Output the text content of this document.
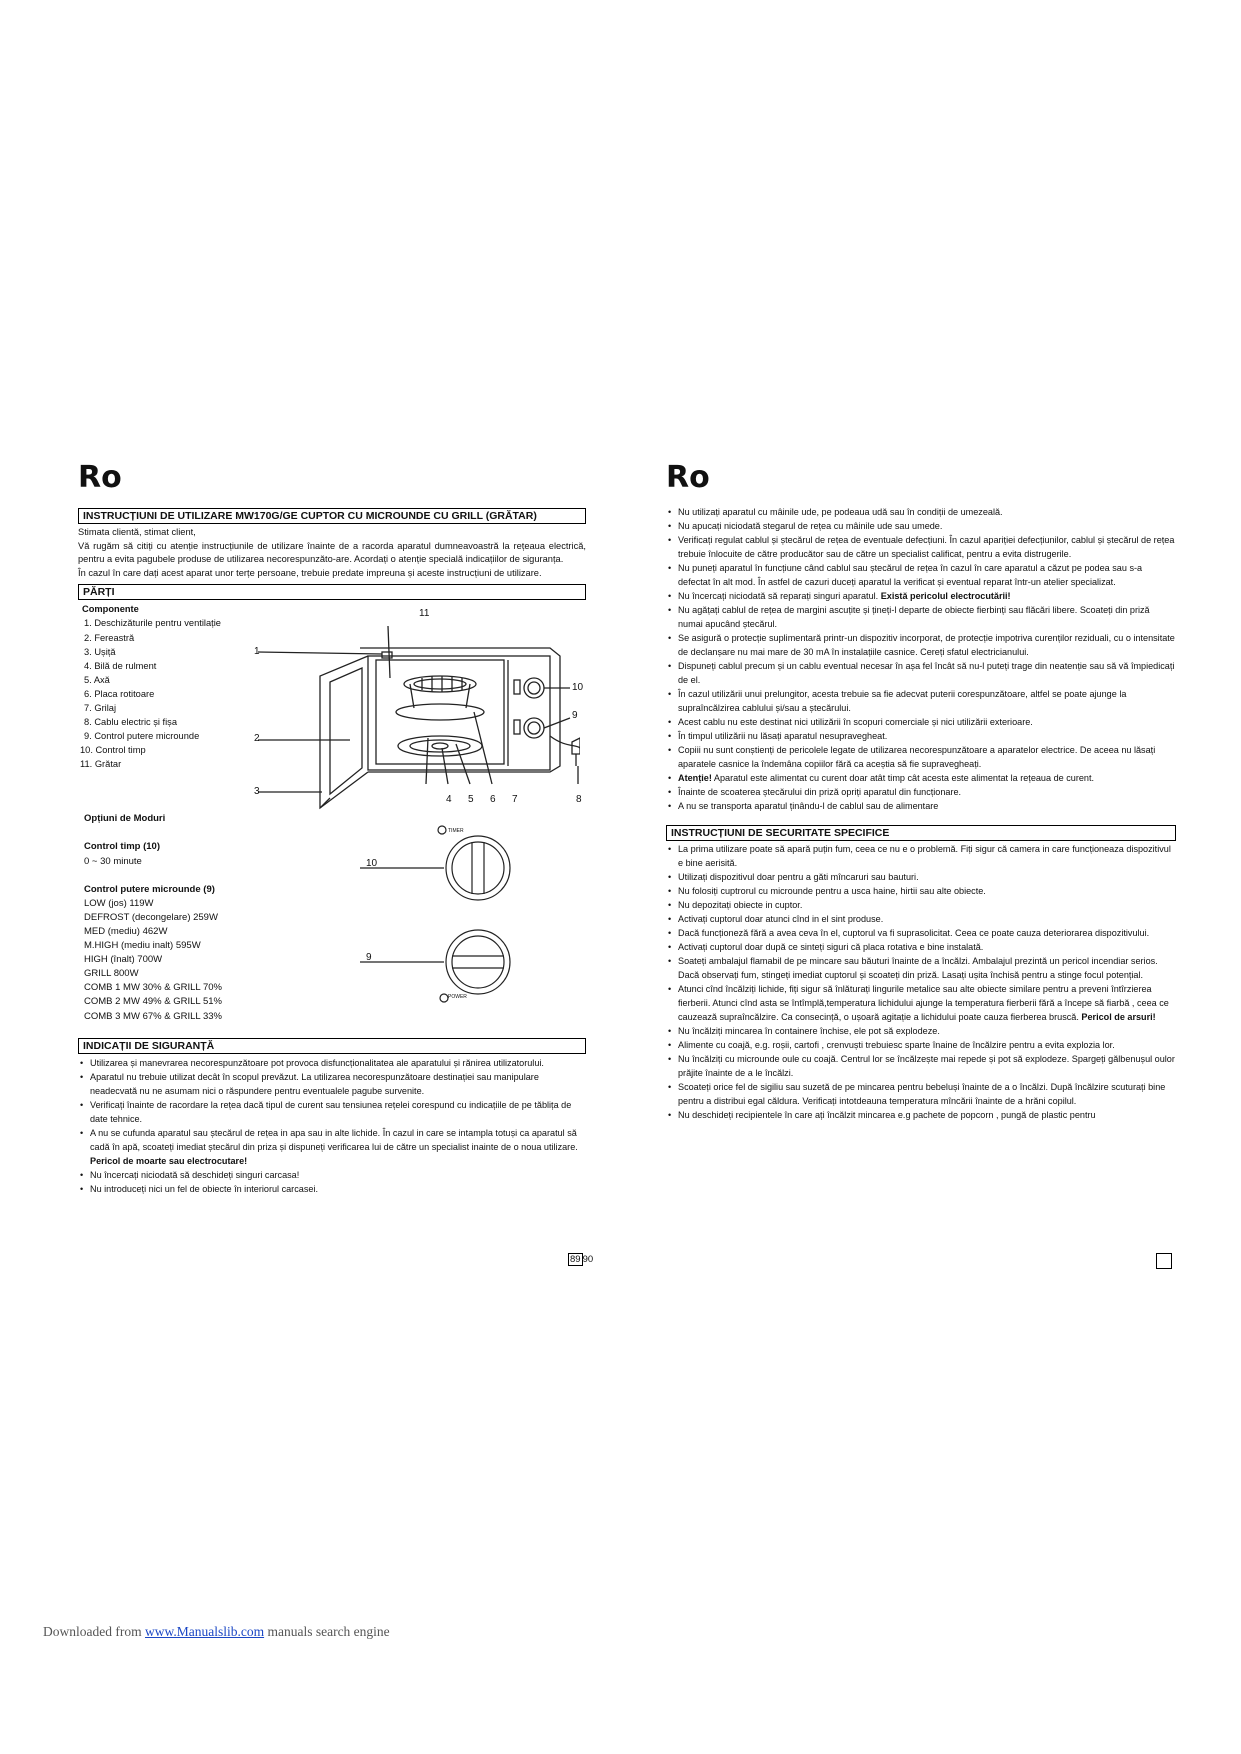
Ro	Ro
INSTRUCȚIUNI DE UTILIZARE MW170G/GE CUPTOR CU MICROUNDE CU GRILL (GRĂTAR)

Stimata clientă, stimat client,

Vă rugăm să citiți cu atenție instrucțiunile de utilizare înainte de a racorda aparatul dumneavoastră la rețeaua electrică, pentru a evita pagubele produse de utilizarea necorespunzăto-are. Acordați o atenție specială indicațiilor de siguranța.

În cazul în care dați acest aparat unor terțe persoane, trebuie predate impreuna și aceste instrucțiuni de utilizare.

PĂRȚI
Componente
1. Deschizăturile pentru ventilație
2. Fereastră
3. Ușiță
4. Bilă de rulment
5. Axă
6. Placa rotitoare
7. Grilaj
8. Cablu electric și fișa
9. Control putere microunde
10. Control timp
11. Grătar
11
1
2
3
4 5 6 7	8
9
10
Opțiuni de Moduri
Control timp (10)
0 ~ 30 minute
Control putere microunde (9)
LOW (jos) 119W
DEFROST (decongelare) 259W
MED (mediu) 462W
M.HIGH (mediu inalt) 595W
HIGH (înalt) 700W
GRILL 800W
COMB 1 MW 30% & GRILL 70%
COMB 2 MW 49% & GRILL 51%
COMB 3 MW 67% & GRILL 33%
10
TIMER
9
POWER
INDICAȚII DE SIGURANȚĂ
• Utilizarea și manevrarea necorespunzătoare pot provoca disfuncționalitatea ale aparatului și rănirea utilizatorului.
• Aparatul nu trebuie utilizat decât în scopul prevăzut. La utilizarea necorespunzătoare destinației sau manipulare neadecvată nu ne asumam nici o răspundere pentru eventualele pagube survenite.
• Verificați înainte de racordare la rețea dacă tipul de curent sau tensiunea rețelei corespund cu indicațiile de pe tăblița de date tehnice.
• A nu se cufunda aparatul sau ștecărul de rețea in apa sau in alte lichide. În cazul in care se intampla totuși ca aparatul să cadă în apă, scoateți imediat ștecărul din priza și dispuneți verificarea lui de către un specialist inainte de o noua utilizare. Pericol de moarte sau electrocutare!
• Nu încercați niciodată să deschideți singuri carcasa!
• Nu introduceți nici un fel de obiecte în interiorul carcasei.
89 90
• Nu utilizați aparatul cu mâinile ude, pe podeaua udă sau în condiții de umezeală.
• Nu apucați niciodată stegarul de rețea cu mâinile ude sau umede.
• Verificați regulat cablul și ștecărul de rețea de eventuale defecțiuni. În cazul apariției defecțiunilor, cablul și ștecărul de rețea trebuie înlocuite de către producător sau de către un specialist calificat, pentru a evita distrugerile.
• Nu puneți aparatul în funcțiune când cablul sau ștecărul de rețea în cazul în care aparatul a căzut pe podea sau s-a defectat în alt mod. În astfel de cazuri duceți aparatul la verificat și eventual reparat într-un atelier specializat.
• Nu încercați niciodată să reparați singuri aparatul. Există pericolul electrocutării!
• Nu agățați cablul de rețea de margini ascuțite și țineți-l departe de obiecte fierbinți sau flăcări libere. Scoateți din priză numai apucând ștecărul.
• Se asigură o protecție suplimentară printr-un dispozitiv incorporat, de protecție impotriva curenților reziduali, cu o intensitate de declanșare nu mai mare de 30 mA în instalațiile casnice. Cereți sfatul electricianului.
• Dispuneți cablul precum și un cablu eventual necesar în așa fel încât să nu-l puteți trage din neatenție sau să vă împiedicați de el.
• În cazul utilizării unui prelungitor, acesta trebuie sa fie adecvat puterii corespunzătoare, altfel se poate ajunge la supraîncălzirea cablului și/sau a ștecărului.
• Acest cablu nu este destinat nici utilizării în scopuri comerciale și nici utilizării exterioare.
• În timpul utilizării nu lăsați aparatul nesupravegheat.
• Copiii nu sunt conștienți de pericolele legate de utilizarea necorespunzătoare a aparatelor electrice. De aceea nu lăsați aparatele casnice la îndemâna copiilor fără ca aceștia să fie supravegheați.
• Atenție! Aparatul este alimentat cu curent doar atât timp cât acesta este alimentat la rețeaua de curent.
• Înainte de scoaterea ștecărului din priză opriți aparatul din funcționare.
• A nu se transporta aparatul ținându-l de cablul sau de alimentare
INSTRUCȚIUNI DE SECURITATE SPECIFICE
• La prima utilizare poate să apară puțin fum, ceea ce nu e o problemă. Fiți sigur că camera in care funcționeaza dispozitivul e bine aerisită.
• Utilizați dispozitivul doar pentru a găti mîncaruri sau bauturi.
• Nu folosiți cuptrorul cu microunde pentru a usca haine, hirtii sau alte obiecte.
• Nu depozitați obiecte in cuptor.
• Activați cuptorul doar atunci cînd in el sint produse.
• Dacă funcționeză fără a avea ceva în el, cuptorul va fi suprasolicitat. Ceea ce poate cauza deteriorarea dispozitivului.
• Activați cuptorul doar după ce sinteți siguri că placa rotativa e bine instalată.
• Soateți ambalajul flamabil de pe mincare sau băuturi înainte de a încălzi. Ambalajul prezintă un pericol incendiar serios. Dacă observați fum, stingeți imediat cuptorul și scoateți din priză. Lasați ușita închisă pentru a stinge focul potențial.
• Atunci cînd încălziți lichide, fiți sigur să înlăturați lingurile metalice sau alte obiecte similare pentru a preveni întîrzierea fierberii. Atunci cînd asta se întîmplă,temperatura lichidului ajunge la temperatura fierberii fără a începe să fiarbă , ceea ce cauzează supraîncălzire. Ca consecință, o ușoară agitație a lichidului poate cauza fierberea bruscă. Pericol de arsuri!
• Nu încălziți mincarea în containere închise, ele pot să explodeze.
• Alimente cu coajă, e.g. roșii, cartofi , crenvuști trebuiesc sparte înaine de încălzire pentru a evita explozia lor.
• Nu încălziți cu microunde oule cu coajă. Centrul lor se încălzește mai repede și pot să explodeze. Spargeți gălbenușul oulor prăjite înainte de a le încălzi.
• Scoateți orice fel de sigiliu sau suzetă de pe mincarea pentru bebeluși înainte de a o încălzi. După încălzire scuturați bine pentru a distribui egal căldura. Verificați intotdeauna temperatura mîncării înainte de a hrăni copilul.
• Nu deschideți recipientele în care ați încălzit mincarea e.g pachete de popcorn , pungă de plastic pentru
Downloaded from www.Manualslib.com manuals search engine
